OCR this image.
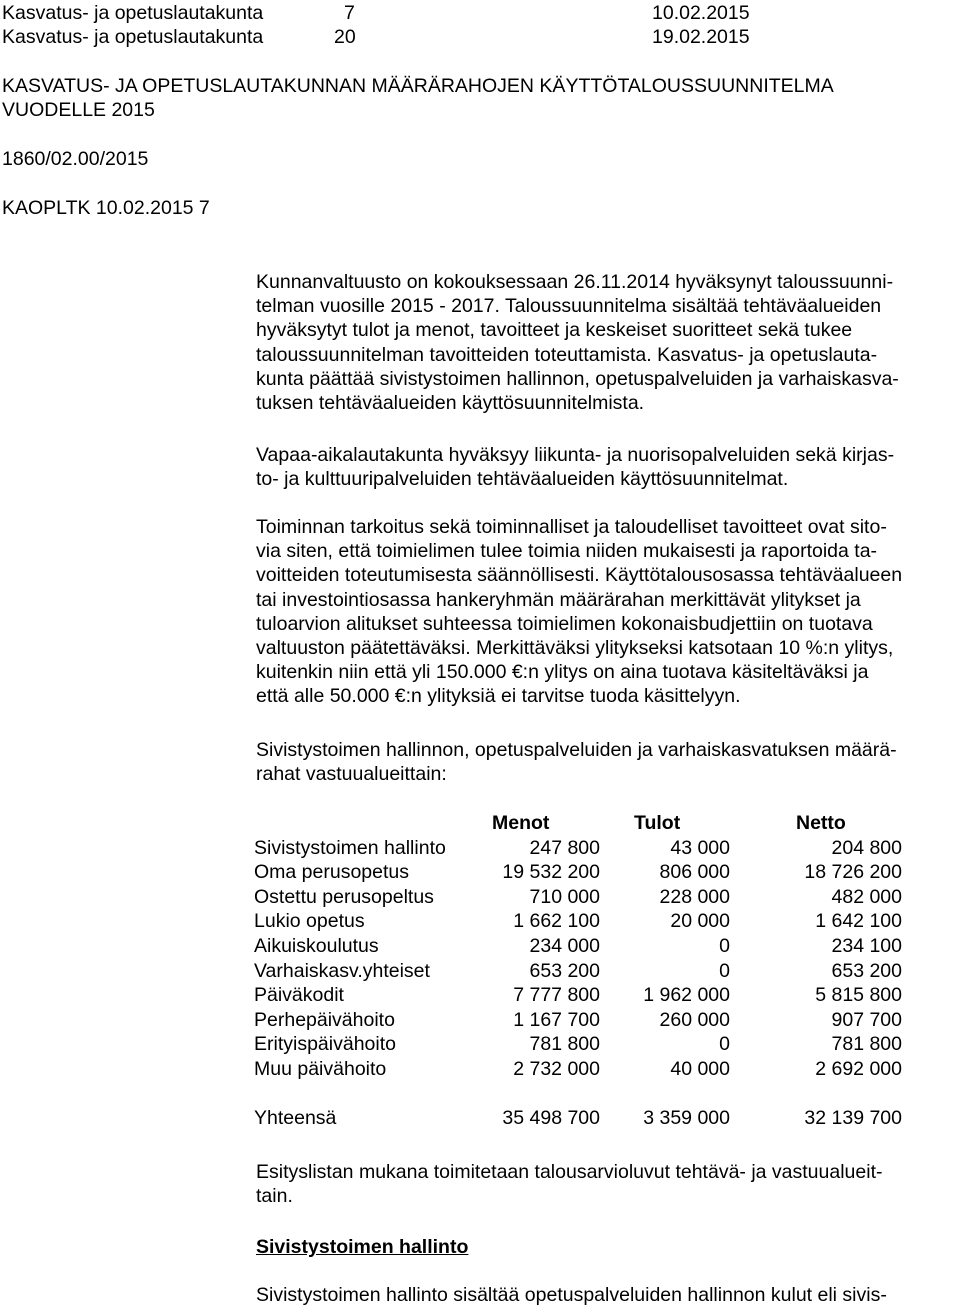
Kasvatus- ja opetuslautakunta	7	10.02.2015
Kasvatus- ja opetuslautakunta	20	19.02.2015
KASVATUS- JA OPETUSLAUTAKUNNAN MÄÄRÄRAHOJEN KÄYTTÖTALOUSSUUNNITELMA
VUODELLE 2015
1860/02.00/2015
KAOPLTK 10.02.2015 7
Kunnanvaltuusto on kokouksessaan 26.11.2014 hyväksynyt taloussuunni-
telman vuosille 2015 - 2017. Taloussuunnitelma sisältää tehtäväalueiden
hyväksytyt tulot ja menot, tavoitteet ja keskeiset suoritteet sekä tukee
taloussuunnitelman tavoitteiden toteuttamista. Kasvatus- ja opetuslauta-
kunta päättää sivistystoimen hallinnon, opetuspalveluiden ja varhaiskasva-
tuksen tehtäväalueiden käyttösuunnitelmista.
Vapaa-aikalautakunta hyväksyy liikunta- ja nuorisopalveluiden sekä kirjas-
to- ja kulttuuripalveluiden tehtäväalueiden käyttösuunnitelmat.
Toiminnan tarkoitus sekä toiminnalliset ja taloudelliset tavoitteet ovat sito-
via siten, että toimielimen tulee toimia niiden mukaisesti ja raportoida ta-
voitteiden toteutumisesta säännöllisesti. Käyttötalousosassa tehtäväalueen
tai investointiosassa hankeryhmän määrärahan merkittävät ylitykset ja
tuloarvion alitukset suhteessa toimielimen kokonaisbudjettiin on tuotava
valtuuston päätettäväksi. Merkittäväksi ylitykseksi katsotaan 10 %:n ylitys,
kuitenkin niin että yli 150.000 €:n ylitys on aina tuotava käsiteltäväksi ja
että alle 50.000 €:n ylityksiä ei tarvitse tuoda käsittelyyn.
Sivistystoimen hallinnon, opetuspalveluiden ja varhaiskasvatuksen määrä-
rahat vastuualueittain:
	Menot	Tulot	Netto
Sivistystoimen hallinto	247 800	43 000	204 800
Oma perusopetus	19 532 200	806 000	18 726 200
Ostettu perusopeltus	710 000	228 000	482 000
Lukio opetus	1 662 100	20 000	1 642 100
Aikuiskoulutus	234 000	0	234 100
Varhaiskasv.yhteiset	653 200	0	653 200
Päiväkodit	7 777 800	1 962 000	5 815 800
Perhepäivähoito	1 167 700	260 000	907 700
Erityispäivähoito	781 800	0	781 800
Muu päivähoito	2 732 000	40 000	2 692 000

Yhteensä	35 498 700	3 359 000	32 139 700
Esityslistan mukana toimitetaan talousarvioluvut tehtävä- ja vastuualueit-
tain.
Sivistystoimen hallinto
Sivistystoimen hallinto sisältää opetuspalveluiden hallinnon kulut eli sivis-
